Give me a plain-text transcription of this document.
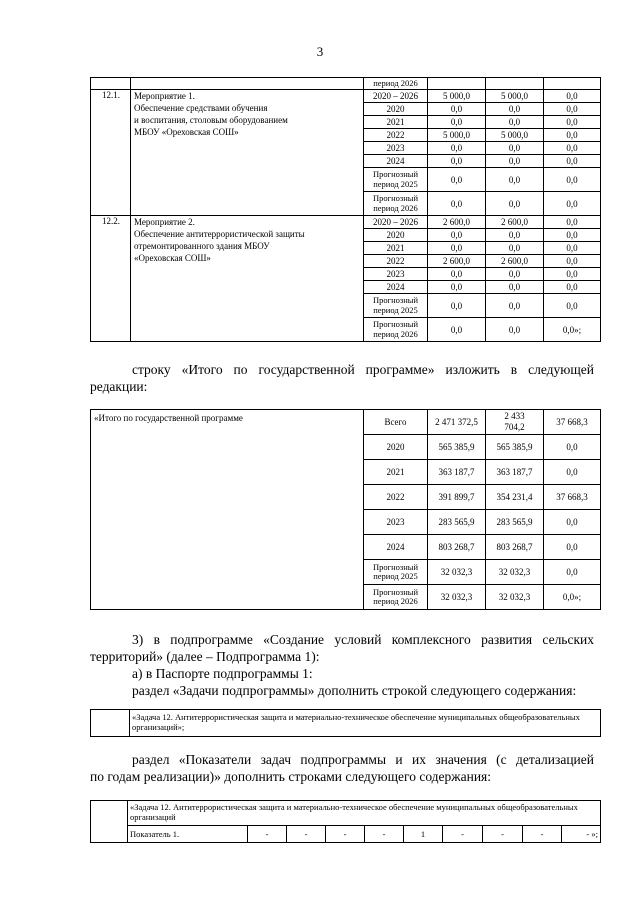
3
		период 2026			
12.1.	Мероприятие 1.
Обеспечение средствами обучения
и воспитания, столовым оборудованием
МБОУ «Ореховская СОШ»	2020 – 2026	5 000,0	5 000,0	0,0
		2020	0,0	0,0	0,0
		2021	0,0	0,0	0,0
		2022	5 000,0	5 000,0	0,0
		2023	0,0	0,0	0,0
		2024	0,0	0,0	0,0
		Прогнозный период 2025	0,0	0,0	0,0
		Прогнозный период 2026	0,0	0,0	0,0
12.2.	Мероприятие 2.
Обеспечение антитеррористической защиты
отремонтированного здания МБОУ
«Ореховская СОШ»	2020 – 2026	2 600,0	2 600,0	0,0
		2020	0,0	0,0	0,0
		2021	0,0	0,0	0,0
		2022	2 600,0	2 600,0	0,0
		2023	0,0	0,0	0,0
		2024	0,0	0,0	0,0
		Прогнозный период 2025	0,0	0,0	0,0
		Прогнозный период 2026	0,0	0,0	0,0»;
строку «Итого по государственной программе» изложить в следующей
редакции:
«Итого по государственной программе	Всего	2 471 372,5	2 433 704,2	37 668,3
	2020	565 385,9	565 385,9	0,0
	2021	363 187,7	363 187,7	0,0
	2022	391 899,7	354 231,4	37 668,3
	2023	283 565,9	283 565,9	0,0
	2024	803 268,7	803 268,7	0,0
	Прогнозный период 2025	32 032,3	32 032,3	0,0
	Прогнозный период 2026	32 032,3	32 032,3	0,0»;
3) в подпрограмме «Создание условий комплексного развития сельских
территорий» (далее – Подпрограмма 1):
а) в Паспорте подпрограммы 1:
раздел «Задачи подпрограммы» дополнить строкой следующего содержания:
	«Задача 12. Антитеррористическая защита и материально-техническое обеспечение муниципальных общеобразовательных организаций»;
раздел «Показатели задач подпрограммы и их значения (с детализацией
по годам реализации)» дополнить строками следующего содержания:
	«Задача 12. Антитеррористическая защита и материально-техническое обеспечение муниципальных общеобразовательных организаций									
	Показатель 1.	-	-	-	-	1	-	-	-	- »;
